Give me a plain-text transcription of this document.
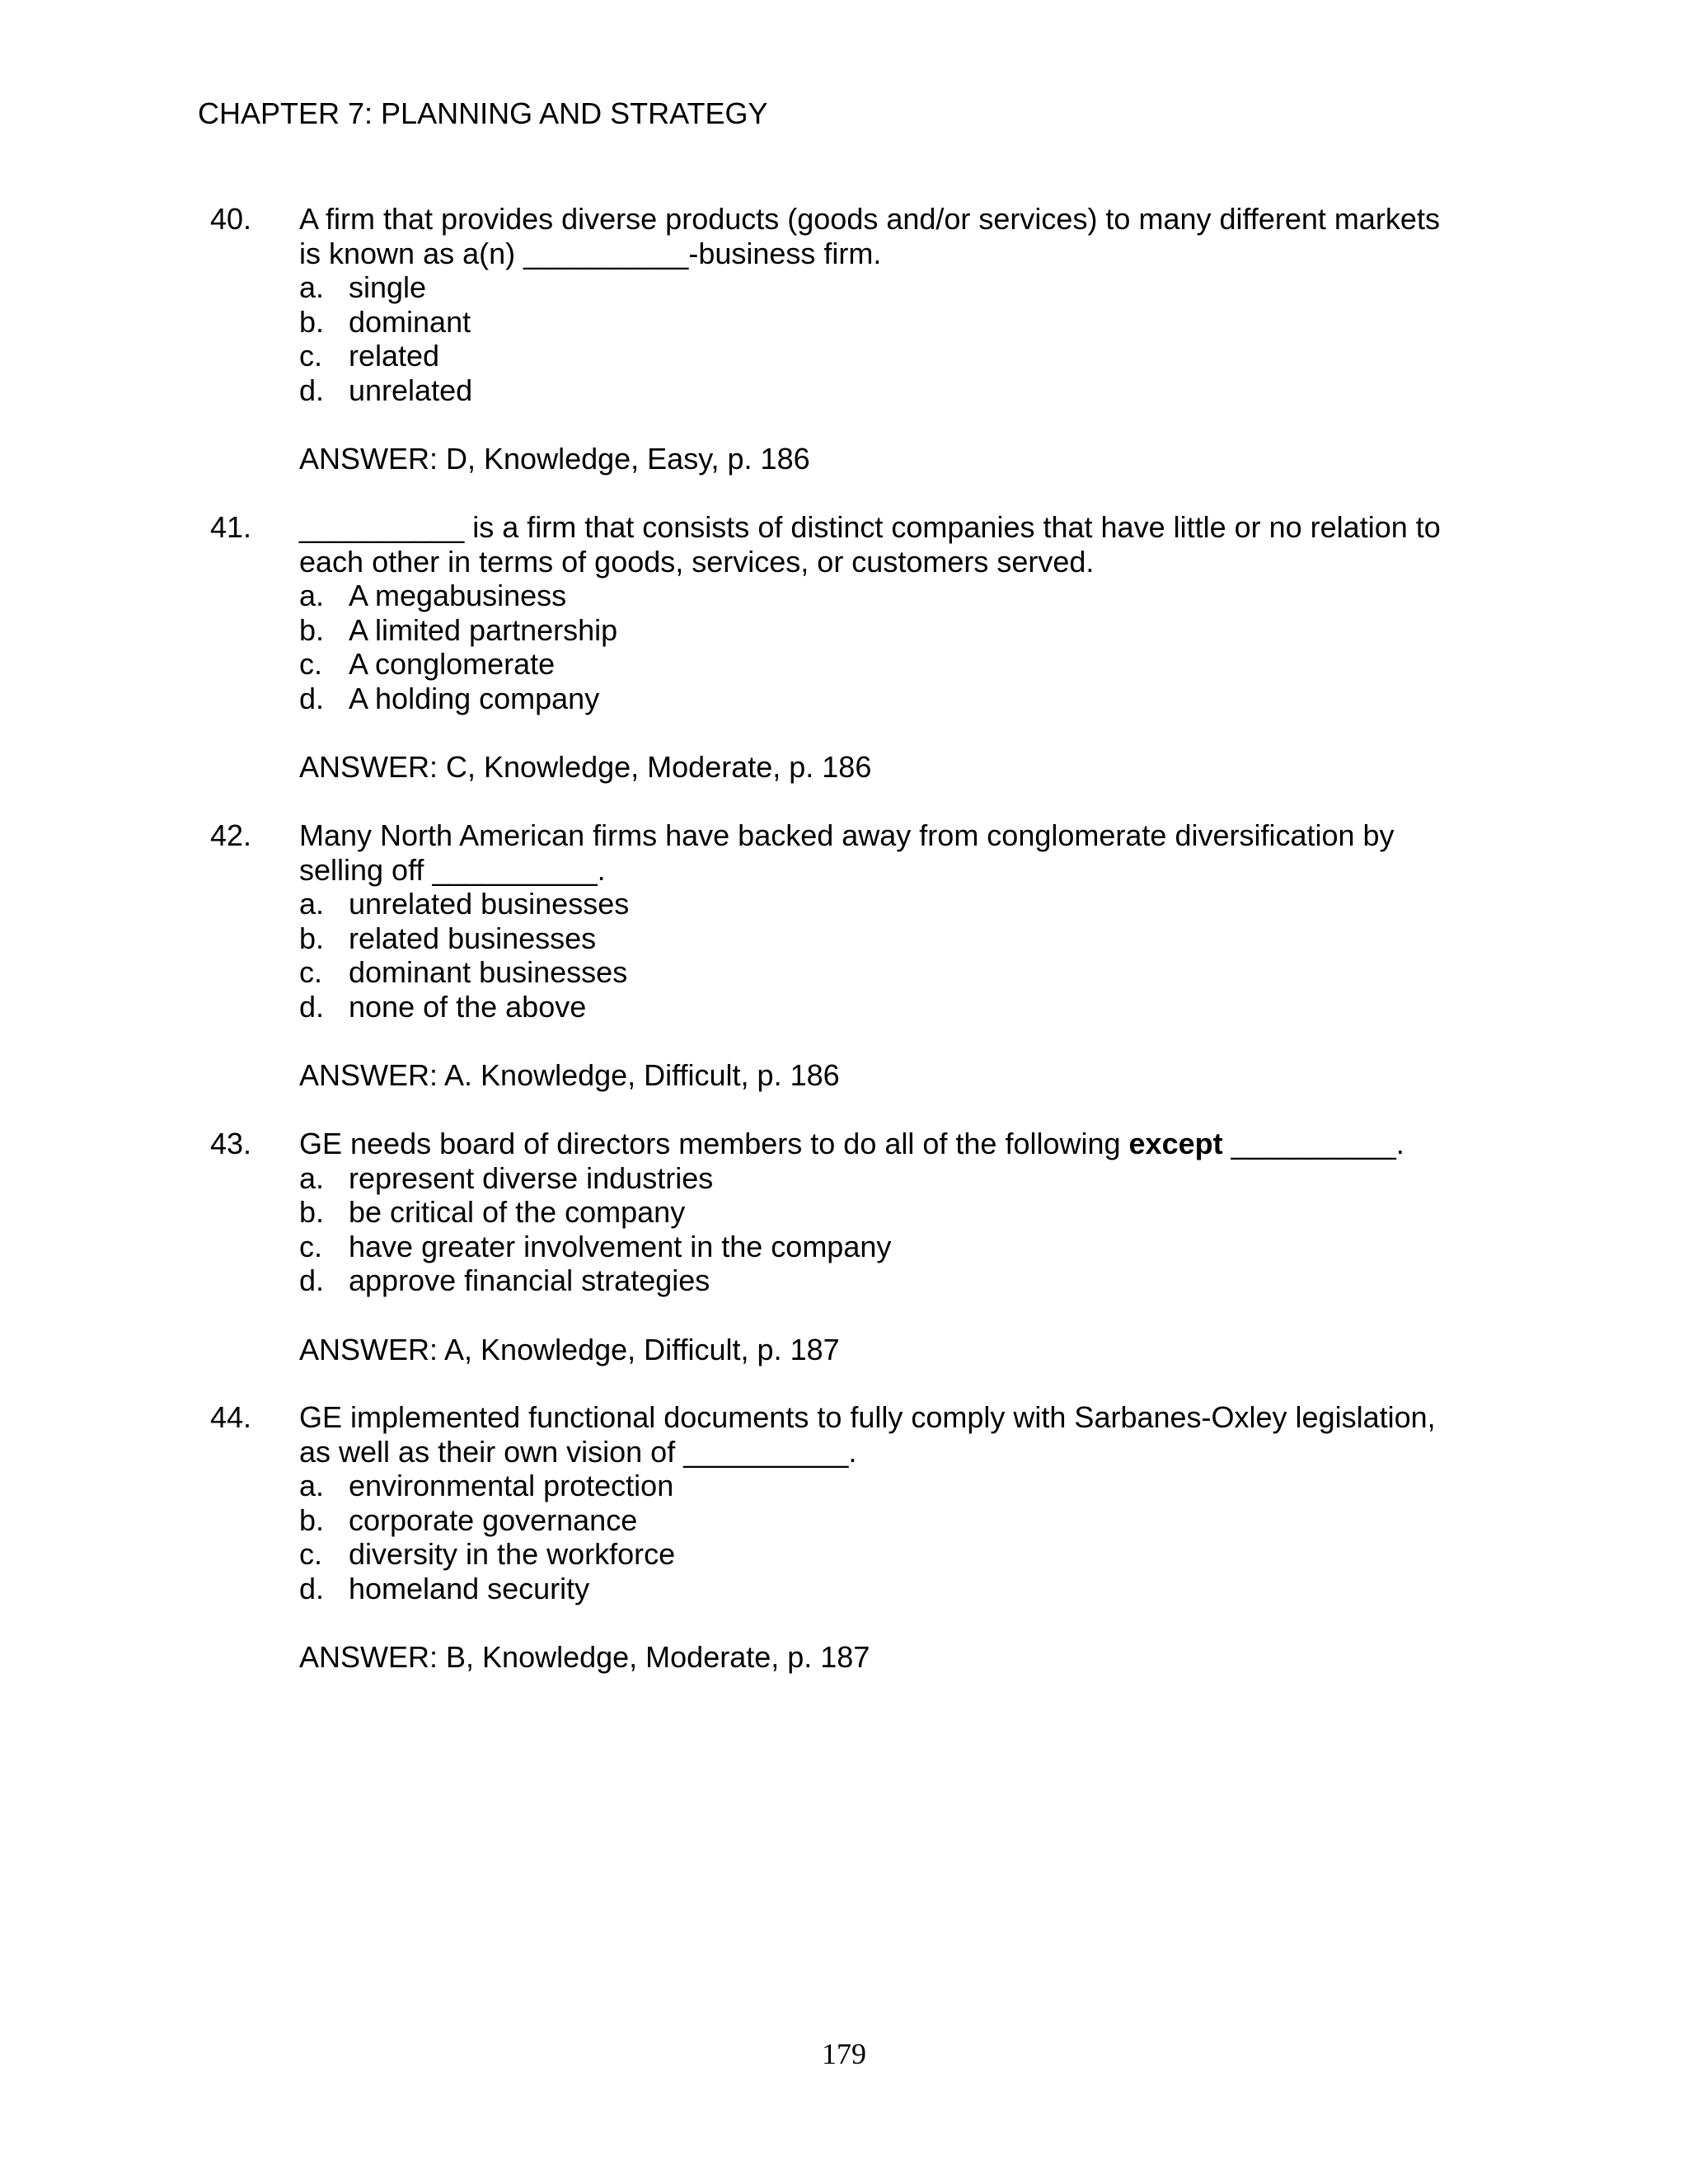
CHAPTER 7: PLANNING AND STRATEGY
40. A firm that provides diverse products (goods and/or services) to many different markets
is known as a(n) __________-business firm.
a. single
b. dominant
c. related
d. unrelated
ANSWER: D, Knowledge, Easy, p. 186
41. __________ is a firm that consists of distinct companies that have little or no relation to
each other in terms of goods, services, or customers served.
a. A megabusiness
b. A limited partnership
c. A conglomerate
d. A holding company
ANSWER: C, Knowledge, Moderate, p. 186
42. Many North American firms have backed away from conglomerate diversification by
selling off __________.
a. unrelated businesses
b. related businesses
c. dominant businesses
d. none of the above
ANSWER: A. Knowledge, Difficult, p. 186
43. GE needs board of directors members to do all of the following except __________.
a. represent diverse industries
b. be critical of the company
c. have greater involvement in the company
d. approve financial strategies
ANSWER: A, Knowledge, Difficult, p. 187
44. GE implemented functional documents to fully comply with Sarbanes-Oxley legislation,
as well as their own vision of __________.
a. environmental protection
b. corporate governance
c. diversity in the workforce
d. homeland security
ANSWER: B, Knowledge, Moderate, p. 187
179
